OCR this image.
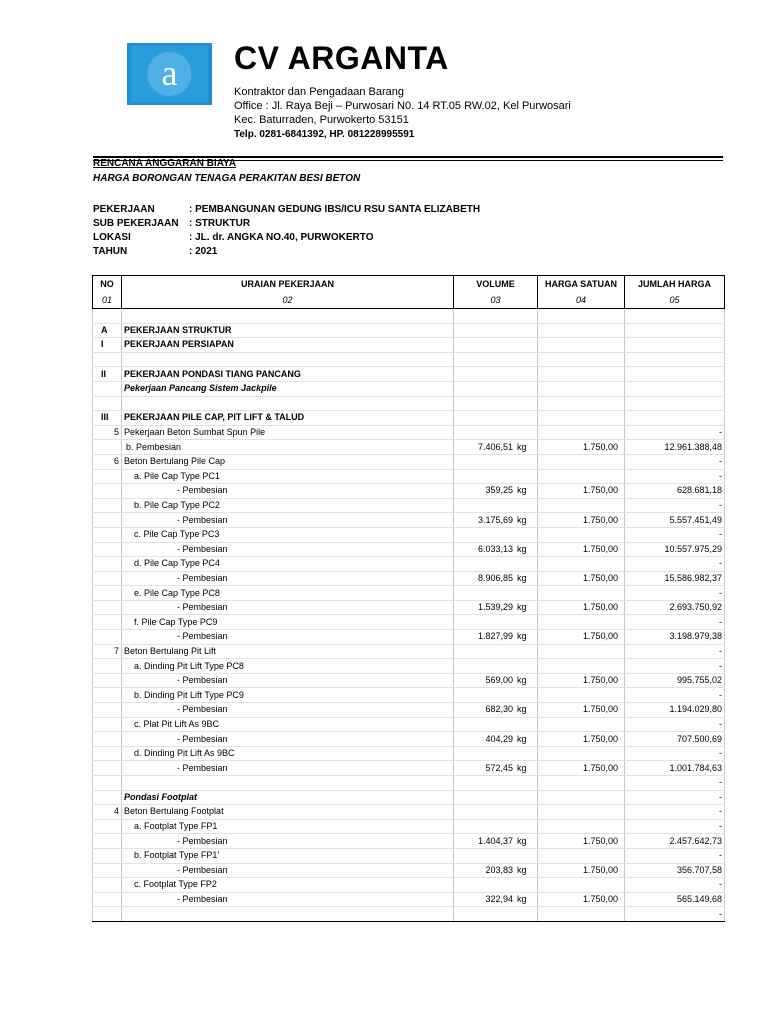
a CV ARGANTA
Kontraktor dan Pengadaan Barang
Office : Jl. Raya Beji – Purwosari N0. 14 RT.05 RW.02, Kel Purwosari
Kec. Baturraden, Purwokerto 53151
Telp. 0281-6841392, HP. 081228995591
RENCANA ANGGARAN BIAYA
HARGA BORONGAN TENAGA PERAKITAN BESI BETON
PEKERJAAN	: PEMBANGUNAN GEDUNG IBS/ICU RSU SANTA ELIZABETH
SUB PEKERJAAN : STRUKTUR
LOKASI	: JL. dr. ANGKA NO.40, PURWOKERTO
TAHUN	: 2021
NO	URAIAN PEKERJAAN	VOLUME	HARGA SATUAN	JUMLAH HARGA
01	02	03	04	05

A	PEKERJAAN STRUKTUR			
I	PEKERJAAN PERSIAPAN			

II	PEKERJAAN PONDASI TIANG PANCANG			
	Pekerjaan Pancang Sistem Jackpile			

III	PEKERJAAN PILE CAP, PIT LIFT & TALUD			
5	Pekerjaan Beton Sumbat Spun Pile			-
	b. Pembesian	7.406,51 kg	1.750,00	12.961.388,48
6	Beton Bertulang Pile Cap			-
	a. Pile Cap Type PC1			-
	- Pembesian	359,25 kg	1.750,00	628.681,18
	b. Pile Cap Type PC2			-
	- Pembesian	3.175,69 kg	1.750,00	5.557.451,49
	c. Pile Cap Type PC3			-
	- Pembesian	6.033,13 kg	1.750,00	10.557.975,29
	d. Pile Cap Type PC4			-
	- Pembesian	8.906,85 kg	1.750,00	15.586.982,37
	e. Pile Cap Type PC8			-
	- Pembesian	1.539,29 kg	1.750,00	2.693.750,92
	f. Pile Cap Type PC9			-
	- Pembesian	1.827,99 kg	1.750,00	3.198.979,38
7	Beton Bertulang Pit Lift			-
	a. Dinding Pit Lift Type PC8			-
	- Pembesian	569,00 kg	1.750,00	995.755,02
	b. Dinding Pit Lift Type PC9			-
	- Pembesian	682,30 kg	1.750,00	1.194.029,80
	c. Plat Pit Lift As 9BC			-
	- Pembesian	404,29 kg	1.750,00	707.500,69
	d. Dinding Pit Lift As 9BC			-
	- Pembesian	572,45 kg	1.750,00	1.001.784,63
				-
	Pondasi Footplat			-
4	Beton Bertulang Footplat			-
	a. Footplat Type FP1			-
	- Pembesian	1.404,37 kg	1.750,00	2.457.642,73
	b. Footplat Type FP1'			-
	- Pembesian	203,83 kg	1.750,00	356.707,58
	c. Footplat Type FP2			-
	- Pembesian	322,94 kg	1.750,00	565.149,68
				-
